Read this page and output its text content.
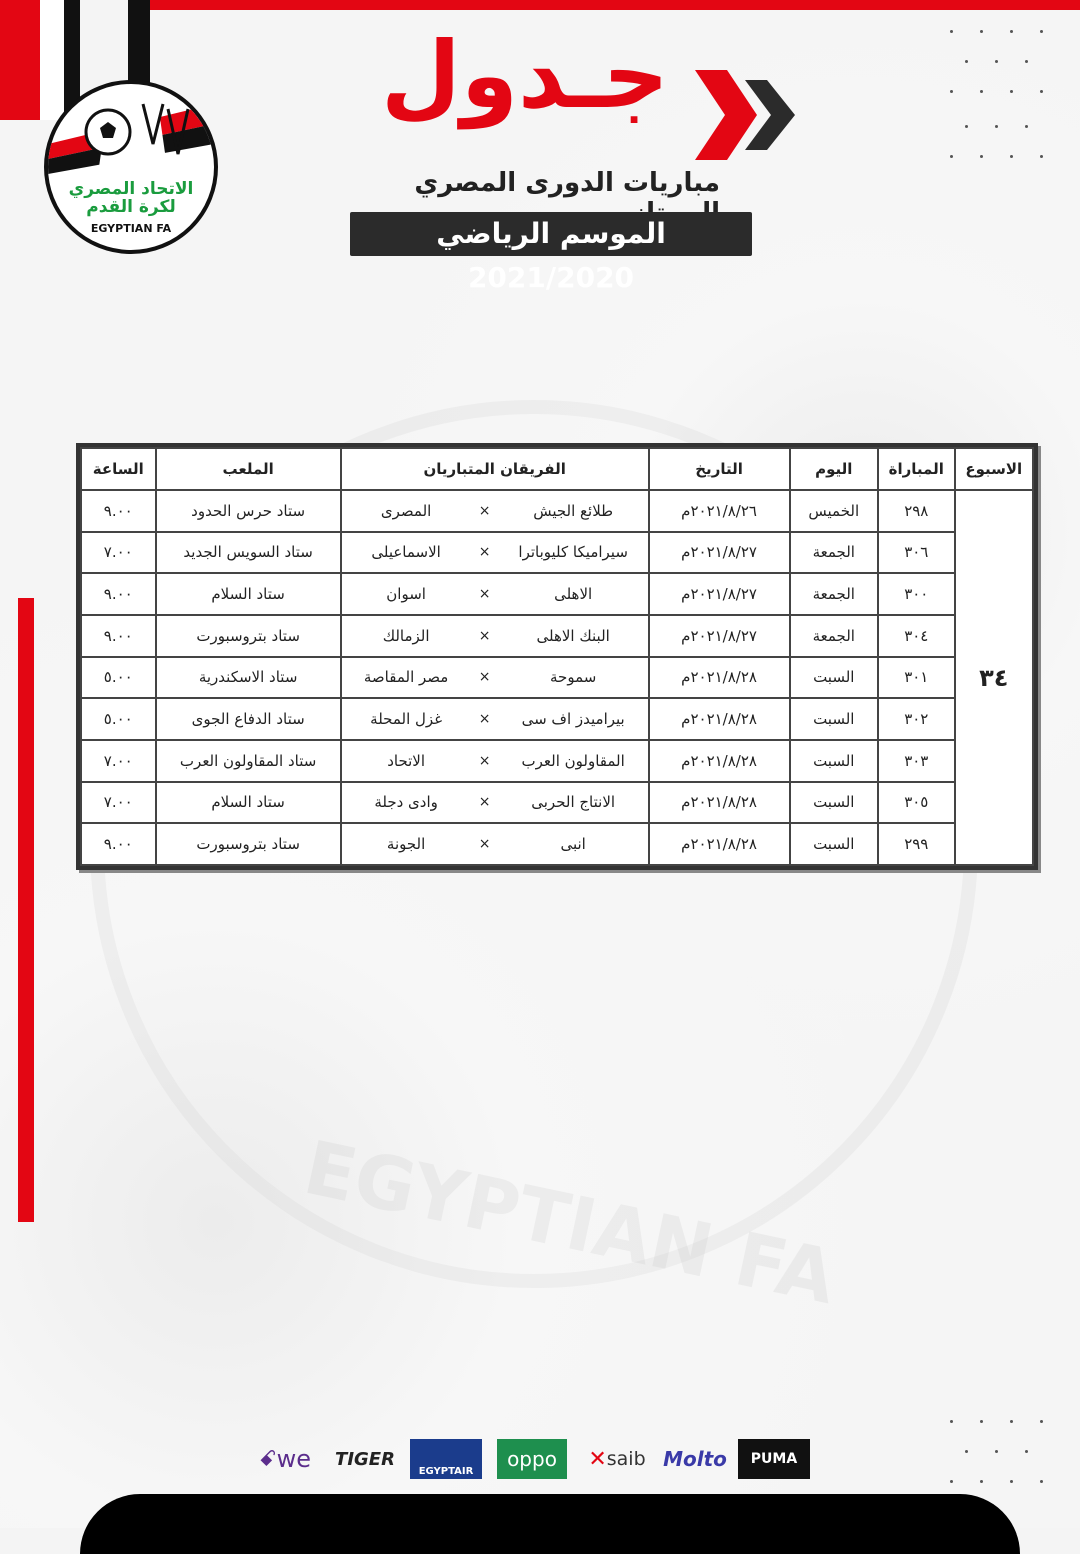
EGYPTIAN FA
الاتحاد المصري
لكرة القدم
EGYPTIAN FA
جـدول
مباريات الدورى المصري
الموسم الرياضي 2021/2020
الاسبوع	المباراة	اليوم	التاريخ	الفريقان المتباريان			الملعب	الساعة
٣٤	٢٩٨	الخميس	٢٠٢١/٨/٢٦م	طلائع الجيش	×	المصرى	ستاد حرس الحدود	٩.٠٠
	٣٠٦	الجمعة	٢٠٢١/٨/٢٧م	سيراميكا كليوباترا	×	الاسماعيلى	ستاد السويس الجديد	٧.٠٠
	٣٠٠	الجمعة	٢٠٢١/٨/٢٧م	الاهلى	×	اسوان	ستاد السلام	٩.٠٠
	٣٠٤	الجمعة	٢٠٢١/٨/٢٧م	البنك الاهلى	×	الزمالك	ستاد بتروسبورت	٩.٠٠
	٣٠١	السبت	٢٠٢١/٨/٢٨م	سموحة	×	مصر المقاصة	ستاد الاسكندرية	٥.٠٠
	٣٠٢	السبت	٢٠٢١/٨/٢٨م	بيراميدز اف سى	×	غزل المحلة	ستاد الدفاع الجوى	٥.٠٠
	٣٠٣	السبت	٢٠٢١/٨/٢٨م	المقاولون العرب	×	الاتحاد	ستاد المقاولون العرب	٧.٠٠
	٣٠٥	السبت	٢٠٢١/٨/٢٨م	الانتاج الحربى	×	وادى دجلة	ستاد السلام	٧.٠٠
	٢٩٩	السبت	٢٠٢١/٨/٢٨م	انبى	×	الجونة	ستاد بتروسبورت	٩.٠٠
ꗃ we TIGER
EGYPTAIR
oppo	✕ saib Molto	PUMA
